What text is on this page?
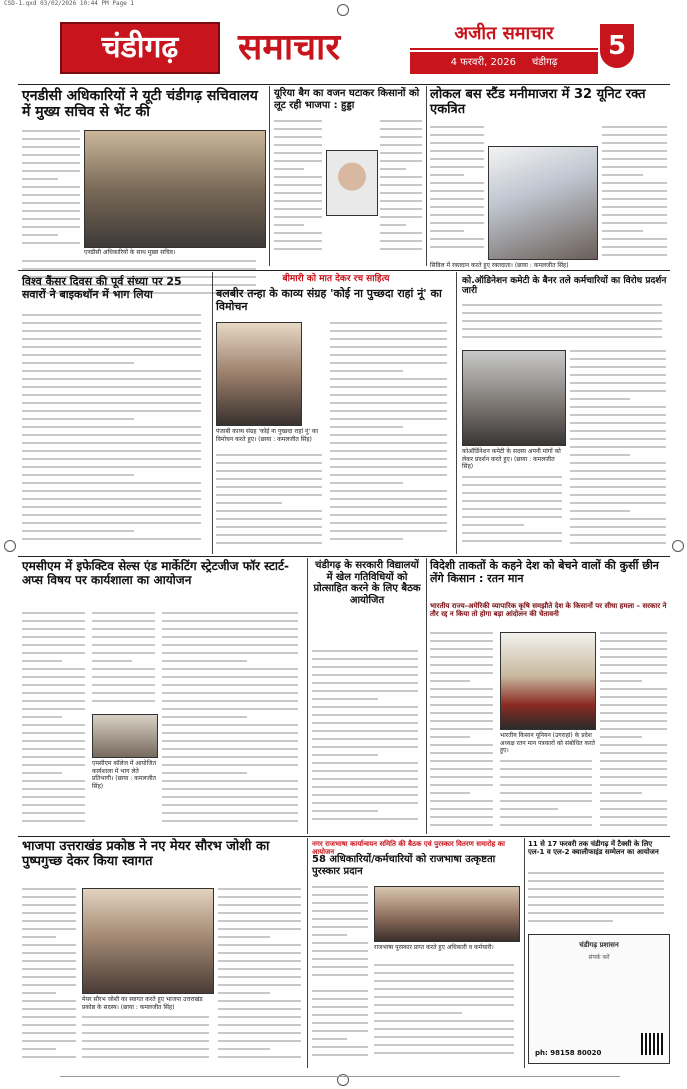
CSD-1.qxd 03/02/2026 10:44 PM Page 1
चंडीगढ़	समाचार	अजीत समाचार
4 फरवरी, 2026 चंडीगढ़
5
एनडीसी अधिकारियों ने यूटी चंडीगढ़ सचिवालय में मुख्य सचिव से भेंट की
एनडीसी अधिकारियों के साथ मुख्य सचिव।
यूरिया बैग का वजन घटाकर किसानों को लूट रही भाजपा : हुड्डा
लोकल बस स्टैंड मनीमाजरा में 32 यूनिट रक्त एकत्रित
सिविल में रक्तदान करते हुए रक्तदाता। (छाया : कमलजीत सिंह)
विश्व कैंसर दिवस की पूर्व संध्या पर 25 सवारों ने बाइकथॉन में भाग लिया
बीमारी को मात देकर रच साहित्य
बलबीर तन्हा के काव्य संग्रह 'कोई ना पुच्छदा राहां नूं' का विमोचन
पंजाबी काव्य संग्रह 'कोई ना पुच्छदा राहां नूं' का विमोचन करते हुए। (छाया : कमलजीत सिंह)
को.ऑडिनेशन कमेटी के बैनर तले कर्मचारियों का विरोध प्रदर्शन जारी
कोऑर्डिनेशन कमेटी के सदस्य अपनी मांगों को लेकर प्रदर्शन करते हुए। (छाया : कमलजीत सिंह)
एमसीएम में इफेक्टिव सेल्स एंड मार्केटिंग स्ट्रेटजीज फॉर स्टार्ट-अप्स विषय पर कार्यशाला का आयोजन
एमसीएम कॉलेज में आयोजित कार्यशाला में भाग लेते प्रतिभागी। (छाया : कमलजीत सिंह)
चंडीगढ़ के सरकारी विद्यालयों में खेल गतिविधियों को प्रोत्साहित करने के लिए बैठक आयोजित
विदेशी ताकतों के कहने देश को बेचने वालों की कुर्सी छीन लेंगे किसान : रतन मान
भारतीय राज्य–अमेरिकी व्यापारिक कृषि समझौते देश के किसानों पर सीधा हमला – सरकार ने तौर रद्द न किया तो होगा बड़ा आंदोलन की चेतावनी
भारतीय किसान यूनियन (उगराहां) के प्रदेश अध्यक्ष रतन मान पत्रकारों को संबोधित करते हुए।
भाजपा उत्तराखंड प्रकोष्ठ ने नए मेयर सौरभ जोशी का पुष्पगुच्छ देकर किया स्वागत
मेयर सौरभ जोशी का स्वागत करते हुए भाजपा उत्तराखंड प्रकोष्ठ के सदस्य। (छाया : कमलजीत सिंह)
नगर राजभाषा कार्यान्वयन समिति की बैठक एवं पुरस्कार वितरण समारोह का आयोजन
58 अधिकारियों/कर्मचारियों को राजभाषा उत्कृष्टता पुरस्कार प्रदान
राजभाषा पुरस्कार प्राप्त करते हुए अधिकारी व कर्मचारी।
11 से 17 फरवरी तक चंडीगढ़ में टैक्सी के लिए एल-1 व एल-2 क्वालीफाइंड सम्मेलन का आयोजन
चंडीगढ़ प्रशासन
संपर्क करें
ph: 98158 80020
